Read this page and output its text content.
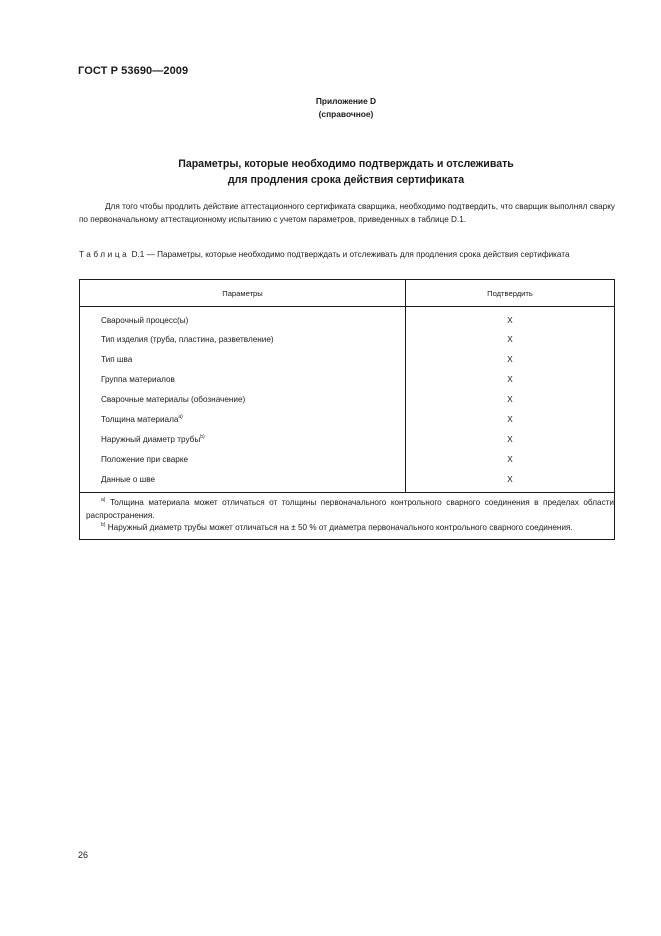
ГОСТ Р 53690—2009
Приложение D
(справочное)
Параметры, которые необходимо подтверждать и отслеживать
для продления срока действия сертификата
Для того чтобы продлить действие аттестационного сертификата сварщика, необходимо подтвердить, что сварщик выполнял сварку по первоначальному аттестационному испытанию с учетом параметров, приведенных в таблице D.1.
Таблица D.1 — Параметры, которые необходимо подтверждать и отслеживать для продления срока действия сертификата
Параметры	Подтвердить
Сварочный процесс(ы)	X
Тип изделия (труба, пластина, разветвление)	X
Тип шва	X
Группа материалов	X
Сварочные материалы (обозначение)	X
Толщина материала$^{a)}$	X
Наружный диаметр трубы$^{b)}$	X
Положение при сварке	X
Данные о шве	X

$^{a)}$ Толщина материала может отличаться от толщины первоначального контрольного сварного соединения в пределах области распространения.
$^{b)}$ Наружный диаметр трубы может отличаться на ± 50 % от диаметра первоначального контрольного сварного соединения.	
26
